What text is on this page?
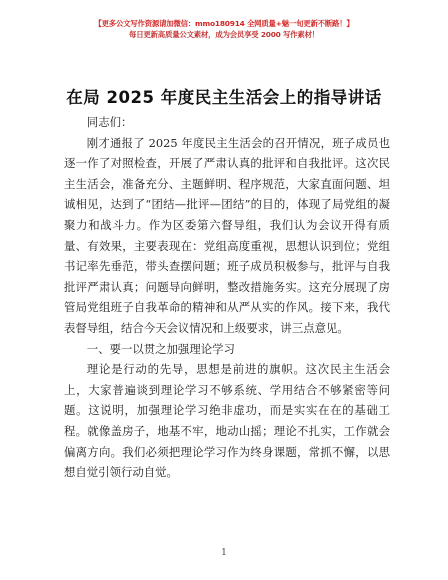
【更多公文写作资源请加微信：mmo180914 全网质量+魅一旬更新不断路！】
每日更新高质量公文素材，成为会员享受 2000 写作素材！
在局 2025 年度民主生活会上的指导讲话

同志们：

刚才通报了 2025 年度民主生活会的召开情况，班子成员也逐一作了对照检查，开展了严肃认真的批评和自我批评。这次民主生活会，准备充分、主题鲜明、程序规范，大家直面问题、坦诚相见，达到了“团结—批评—团结”的目的，体现了局党组的凝聚力和战斗力。作为区委第六督导组，我们认为会议开得有质量、有效果，主要表现在：党组高度重视，思想认识到位；党组书记率先垂范，带头查摆问题；班子成员积极参与，批评与自我批评严肃认真；问题导向鲜明，整改措施务实。这充分展现了房管局党组班子自我革命的精神和从严从实的作风。接下来，我代表督导组，结合今天会议情况和上级要求，讲三点意见。

一、要一以贯之加强理论学习

理论是行动的先导，思想是前进的旗帜。这次民主生活会上，大家普遍谈到理论学习不够系统、学用结合不够紧密等问题。这说明，加强理论学习绝非虚功，而是实实在在的基础工程。就像盖房子，地基不牢，地动山摇；理论不扎实，工作就会偏离方向。我们必须把理论学习作为终身课题，常抓不懈，以思想自觉引领行动自觉。

1
